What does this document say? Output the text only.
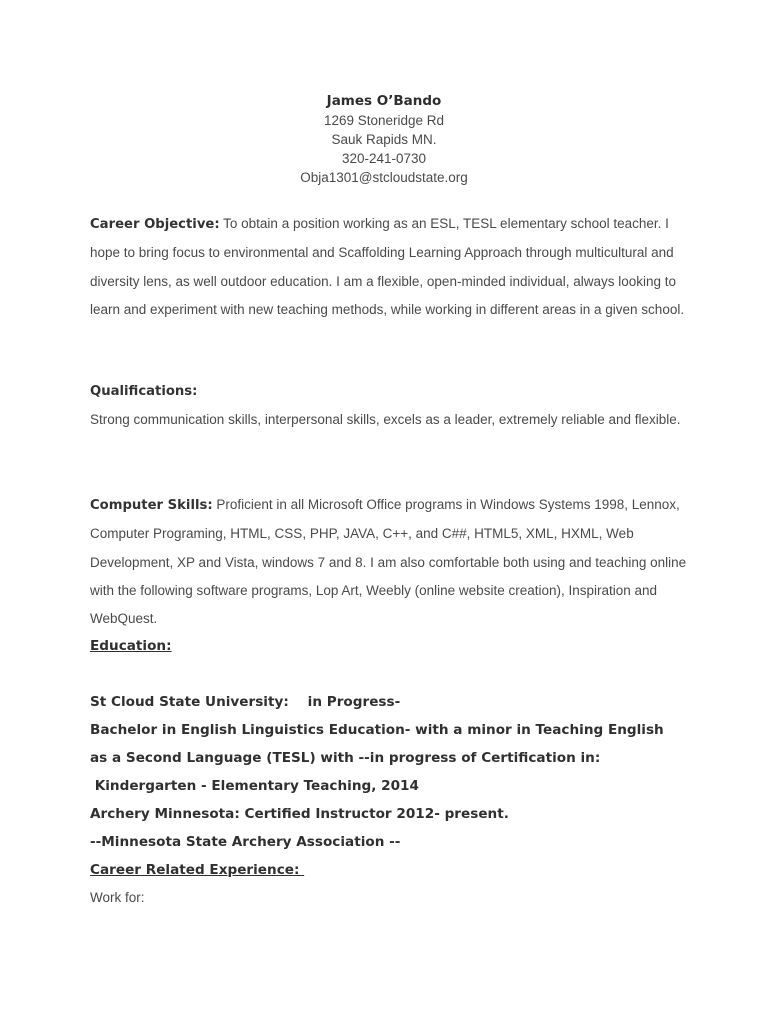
James O’Bando
1269 Stoneridge Rd
Sauk Rapids MN.
320-241-0730
Obja1301@stcloudstate.org
Career Objective: To obtain a position working as an ESL, TESL elementary school teacher. I hope to bring focus to environmental and Scaffolding Learning Approach through multicultural and diversity lens, as well outdoor education. I am a flexible, open-minded individual, always looking to learn and experiment with new teaching methods, while working in different areas in a given school.
Qualifications:
Strong communication skills, interpersonal skills, excels as a leader, extremely reliable and flexible.
Computer Skills: Proficient in all Microsoft Office programs in Windows Systems 1998, Lennox, Computer Programing, HTML, CSS, PHP, JAVA, C++, and C##, HTML5, XML, HXML, Web Development, XP and Vista, windows 7 and 8. I am also comfortable both using and teaching online with the following software programs, Lop Art, Weebly (online website creation), Inspiration and WebQuest.
Education:
St Cloud State University:    in Progress-
Bachelor in English Linguistics Education- with a minor in Teaching English
as a Second Language (TESL) with --in progress of Certification in:
Kindergarten - Elementary Teaching, 2014
Archery Minnesota: Certified Instructor 2012- present.
--Minnesota State Archery Association --
Career Related Experience:
Work for:
